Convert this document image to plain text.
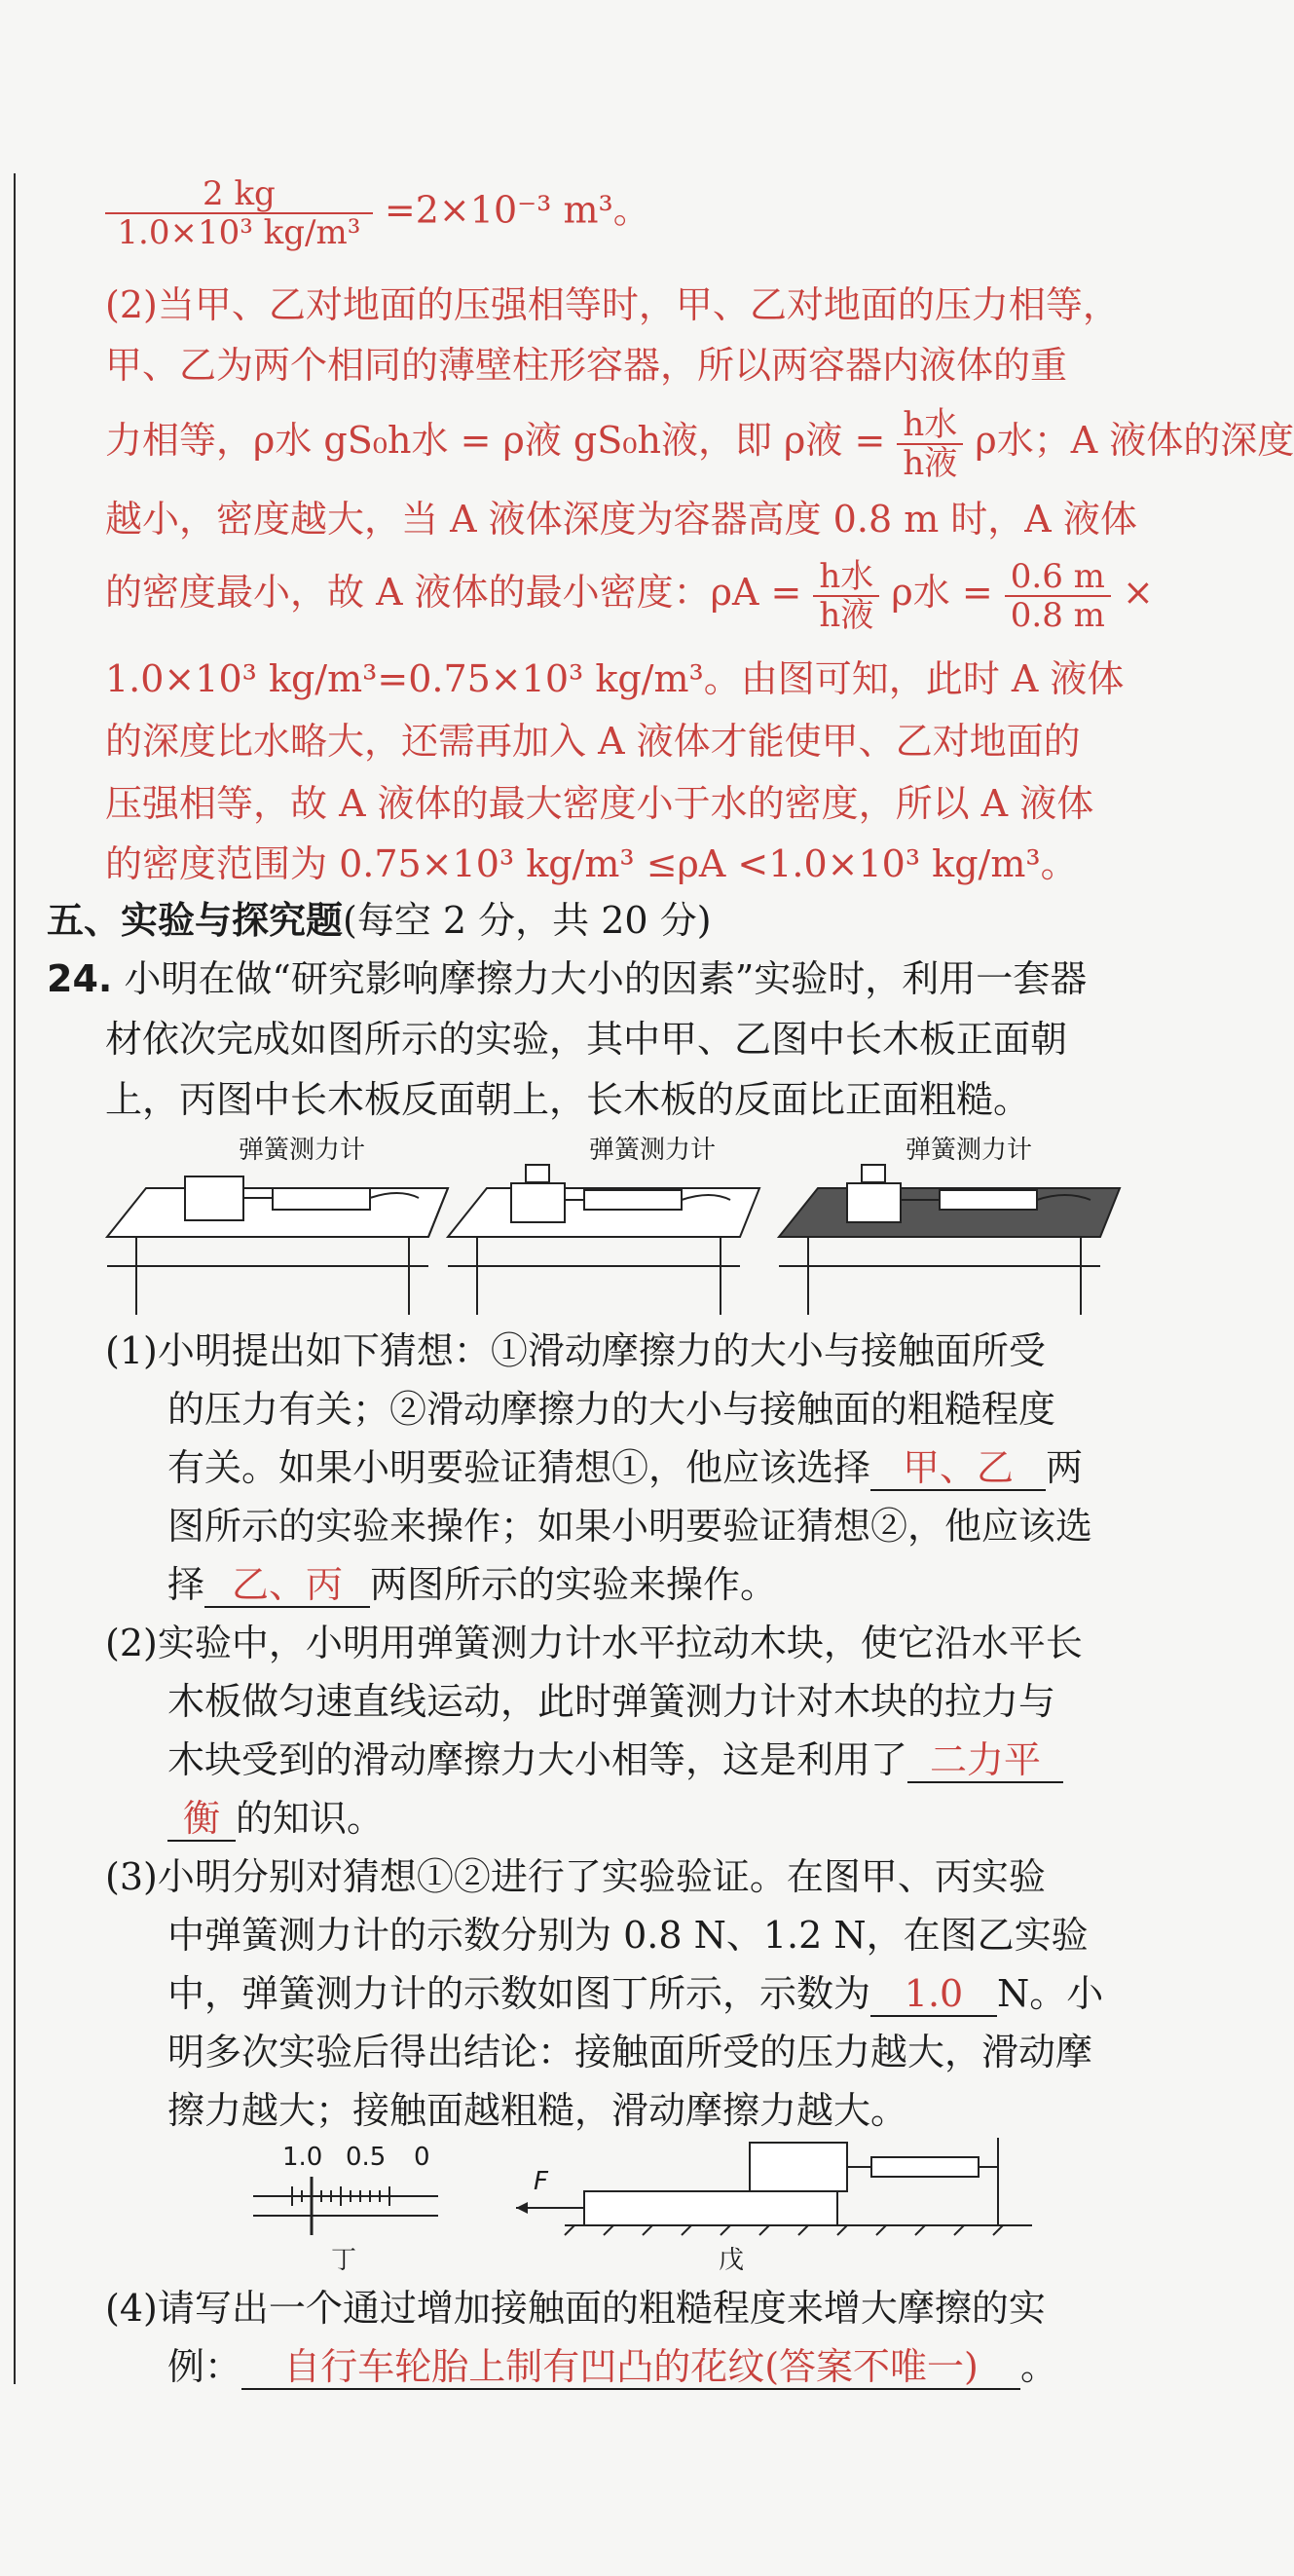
$\frac{2 kg}{\text{1.0×10³ kg/m³}} =2\times 10^{-3}$ m³。
(2)当甲、乙对地面的压强相等时，甲、乙对地面的压力相等，
甲、乙为两个相同的薄壁柱形容器，所以两容器内液体的重
力相等，ρ水 gS₀h水 = ρ液 gS₀h液，即 ρ液 = $\frac{\text{h水}}{\text{h液}}$ ρ水；A 液体的深度
越小，密度越大，当 A 液体深度为容器高度 0.8 m 时，A 液体
的密度最小，故 A 液体的最小密度：$\rho A = \frac{\text{h水}}{\text{h液}}$ ρ水 = $\frac{0.6 m}{0.8 m}$ ×
1.0×10³ kg/m³=0.75×10³ kg/m³。由图可知，此时 A 液体
的深度比水略大，还需再加入 A 液体才能使甲、乙对地面的
压强相等，故 A 液体的最大密度小于水的密度，所以 A 液体
的密度范围为 0.75×10³ kg/m³ ≤ρA <1.0×10³ kg/m³。
五、实验与探究题(每空 2 分，共 20 分)
24. 小明在做“研究影响摩擦力大小的因素”实验时，利用一套器
材依次完成如图所示的实验，其中甲、乙图中长木板正面朝
上，丙图中长木板反面朝上，长木板的反面比正面粗糙。
弹簧测力计	弹簧测力计	弹簧测力计
(1)小明提出如下猜想：①滑动摩擦力的大小与接触面所受
的压力有关；②滑动摩擦力的大小与接触面的粗糙程度
有关。如果小明要验证猜想①，他应该选择 甲、乙 两
图所示的实验来操作；如果小明要验证猜想②，他应该选
择 乙、丙 两图所示的实验来操作。
(2)实验中，小明用弹簧测力计水平拉动木块，使它沿水平长
木板做匀速直线运动，此时弹簧测力计对木块的拉力与
木块受到的滑动摩擦力大小相等，这是利用了 二力平
衡 的知识。
(3)小明分别对猜想①②进行了实验验证。在图甲、丙实验
中弹簧测力计的示数分别为 0.8 N、1.2 N，在图乙实验
中，弹簧测力计的示数如图丁所示，示数为 1.0 N。小
明多次实验后得出结论：接触面所受的压力越大，滑动摩
擦力越大；接触面越粗糙，滑动摩擦力越大。
1.0 0.5 0
丁
F
戊
(4)请写出一个通过增加接触面的粗糙程度来增大摩擦的实
例： 自行车轮胎上制有凹凸的花纹(答案不唯一) 。
